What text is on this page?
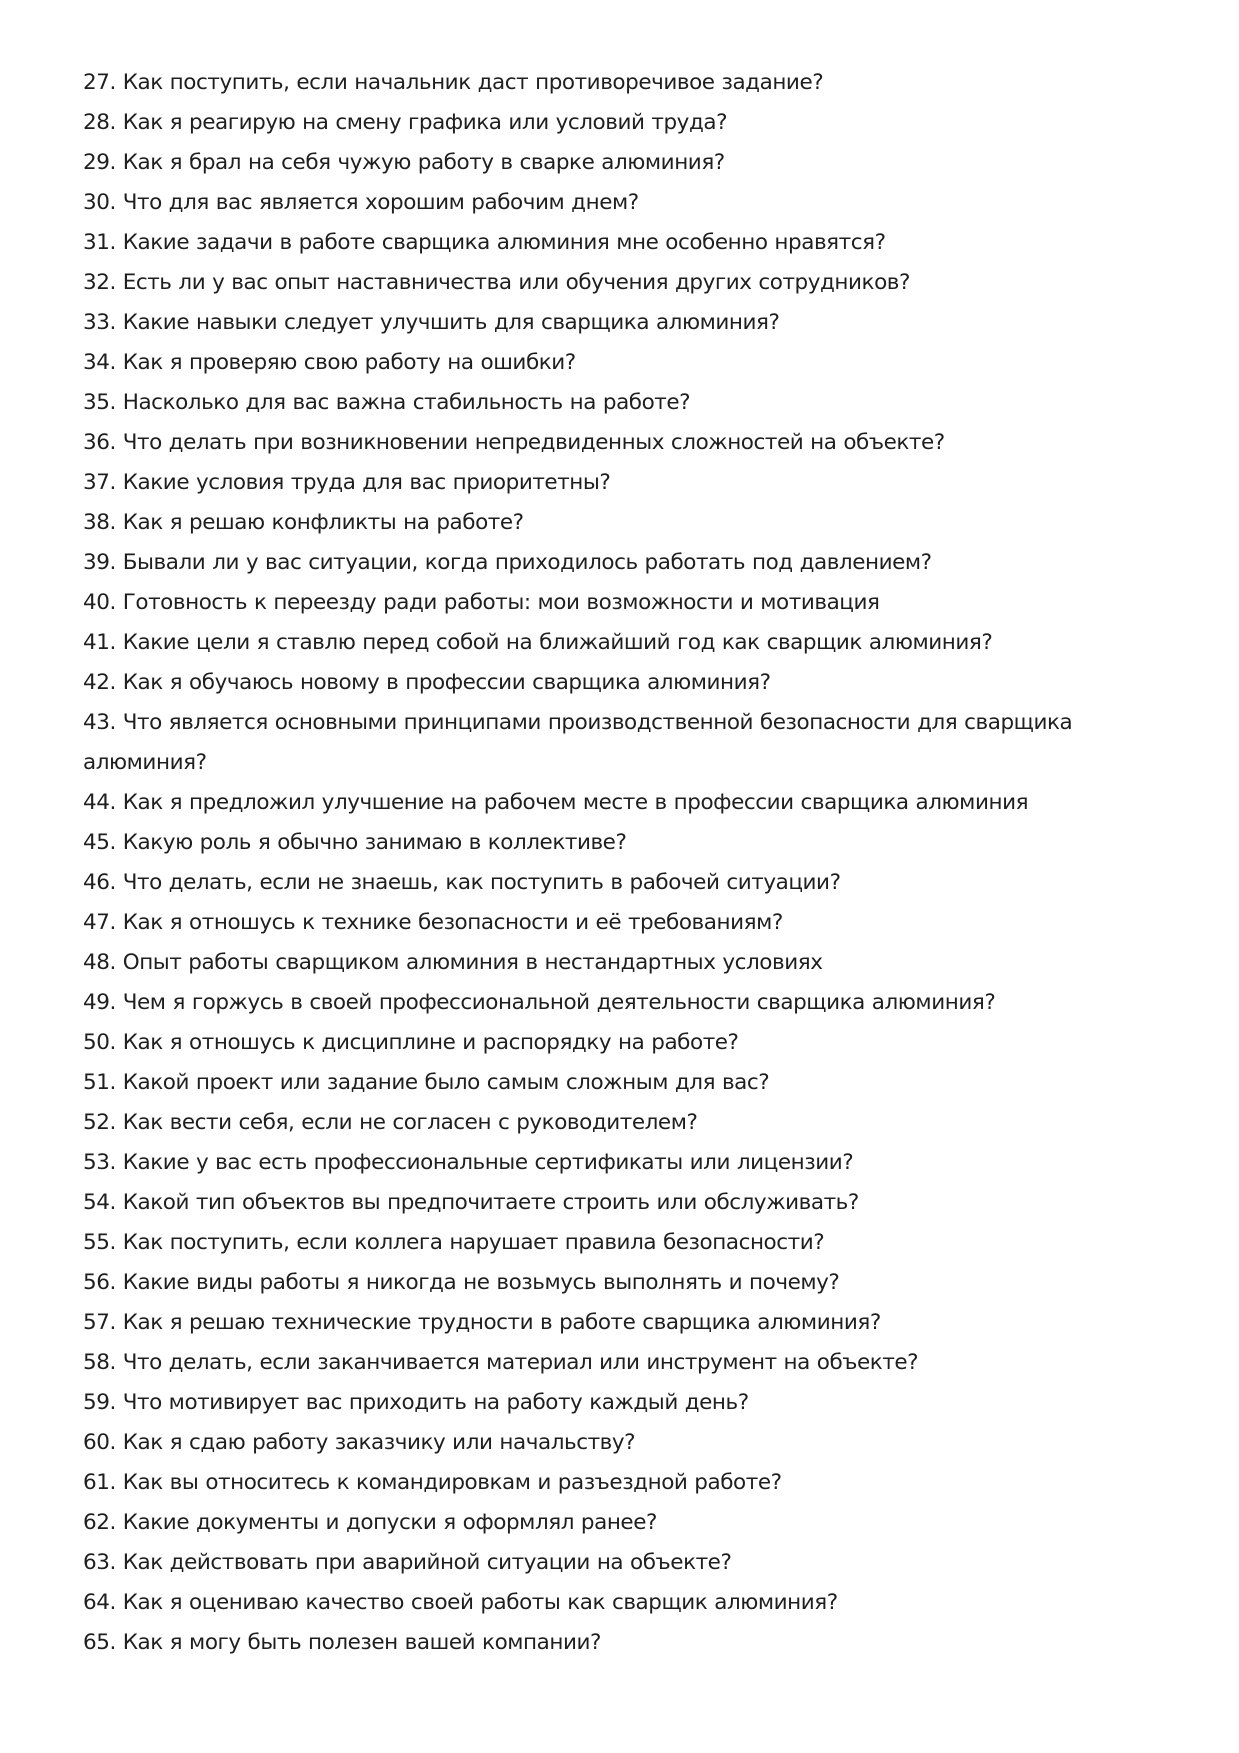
27. Как поступить, если начальник даст противоречивое задание?
28. Как я реагирую на смену графика или условий труда?
29. Как я брал на себя чужую работу в сварке алюминия?
30. Что для вас является хорошим рабочим днем?
31. Какие задачи в работе сварщика алюминия мне особенно нравятся?
32. Есть ли у вас опыт наставничества или обучения других сотрудников?
33. Какие навыки следует улучшить для сварщика алюминия?
34. Как я проверяю свою работу на ошибки?
35. Насколько для вас важна стабильность на работе?
36. Что делать при возникновении непредвиденных сложностей на объекте?
37. Какие условия труда для вас приоритетны?
38. Как я решаю конфликты на работе?
39. Бывали ли у вас ситуации, когда приходилось работать под давлением?
40. Готовность к переезду ради работы: мои возможности и мотивация
41. Какие цели я ставлю перед собой на ближайший год как сварщик алюминия?
42. Как я обучаюсь новому в профессии сварщика алюминия?
43. Что является основными принципами производственной безопасности для сварщика алюминия?
44. Как я предложил улучшение на рабочем месте в профессии сварщика алюминия
45. Какую роль я обычно занимаю в коллективе?
46. Что делать, если не знаешь, как поступить в рабочей ситуации?
47. Как я отношусь к технике безопасности и её требованиям?
48. Опыт работы сварщиком алюминия в нестандартных условиях
49. Чем я горжусь в своей профессиональной деятельности сварщика алюминия?
50. Как я отношусь к дисциплине и распорядку на работе?
51. Какой проект или задание было самым сложным для вас?
52. Как вести себя, если не согласен с руководителем?
53. Какие у вас есть профессиональные сертификаты или лицензии?
54. Какой тип объектов вы предпочитаете строить или обслуживать?
55. Как поступить, если коллега нарушает правила безопасности?
56. Какие виды работы я никогда не возьмусь выполнять и почему?
57. Как я решаю технические трудности в работе сварщика алюминия?
58. Что делать, если заканчивается материал или инструмент на объекте?
59. Что мотивирует вас приходить на работу каждый день?
60. Как я сдаю работу заказчику или начальству?
61. Как вы относитесь к командировкам и разъездной работе?
62. Какие документы и допуски я оформлял ранее?
63. Как действовать при аварийной ситуации на объекте?
64. Как я оцениваю качество своей работы как сварщик алюминия?
65. Как я могу быть полезен вашей компании?
